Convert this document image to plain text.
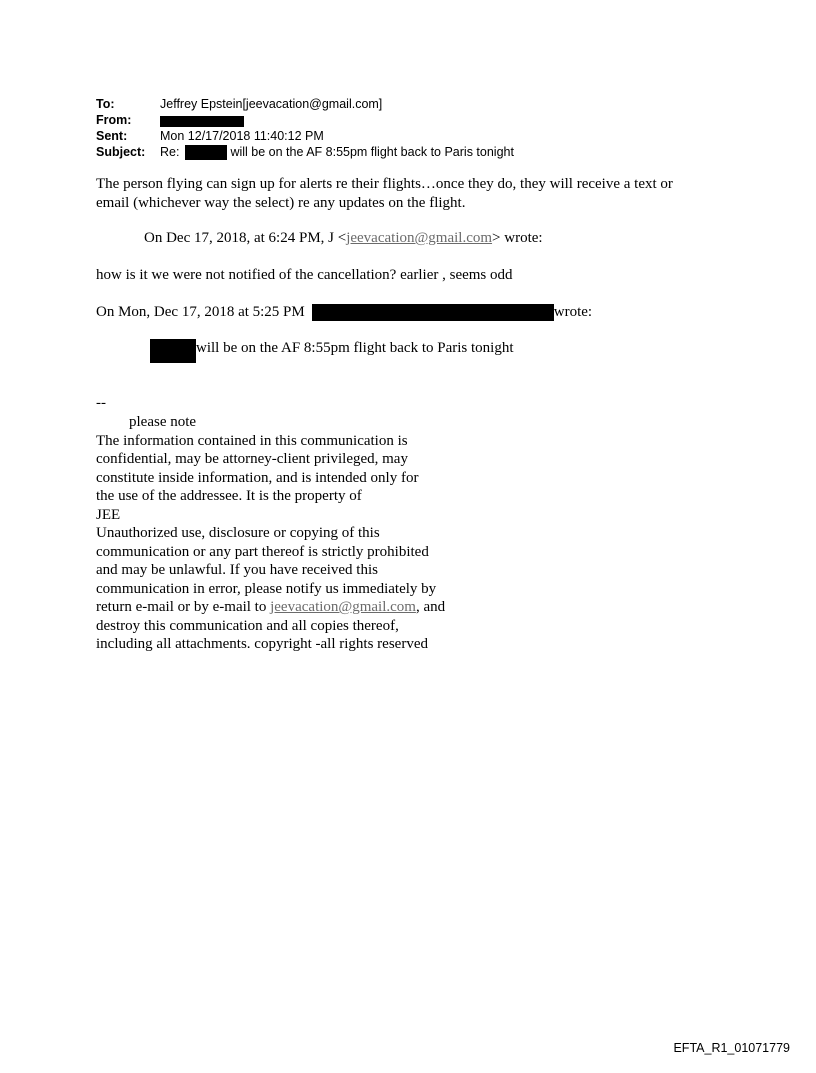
To:	Jeffrey Epstein[jeevacation@gmail.com]
From:
Sent:	Mon 12/17/2018 11:40:12 PM
Subject:	Re:	will be on the AF 8:55pm flight back to Paris tonight
The person flying can sign up for alerts re their flights…once they do, they will receive a text or
email (whichever way the select) re any updates on the flight.
On Dec 17, 2018, at 6:24 PM, J <jeevacation@gmail.com> wrote:
how is it we were not notified of the cancellation? earlier , seems odd
On Mon, Dec 17, 2018 at 5:25 PM	wrote:
will be on the AF 8:55pm flight back to Paris tonight
--
please note
The information contained in this communication is
confidential, may be attorney-client privileged, may
constitute inside information, and is intended only for
the use of the addressee. It is the property of
JEE
Unauthorized use, disclosure or copying of this
communication or any part thereof is strictly prohibited
and may be unlawful. If you have received this
communication in error, please notify us immediately by
return e-mail or by e-mail to jeevacation@gmail.com, and
destroy this communication and all copies thereof,
including all attachments. copyright -all rights reserved
EFTA_R1_01071779
